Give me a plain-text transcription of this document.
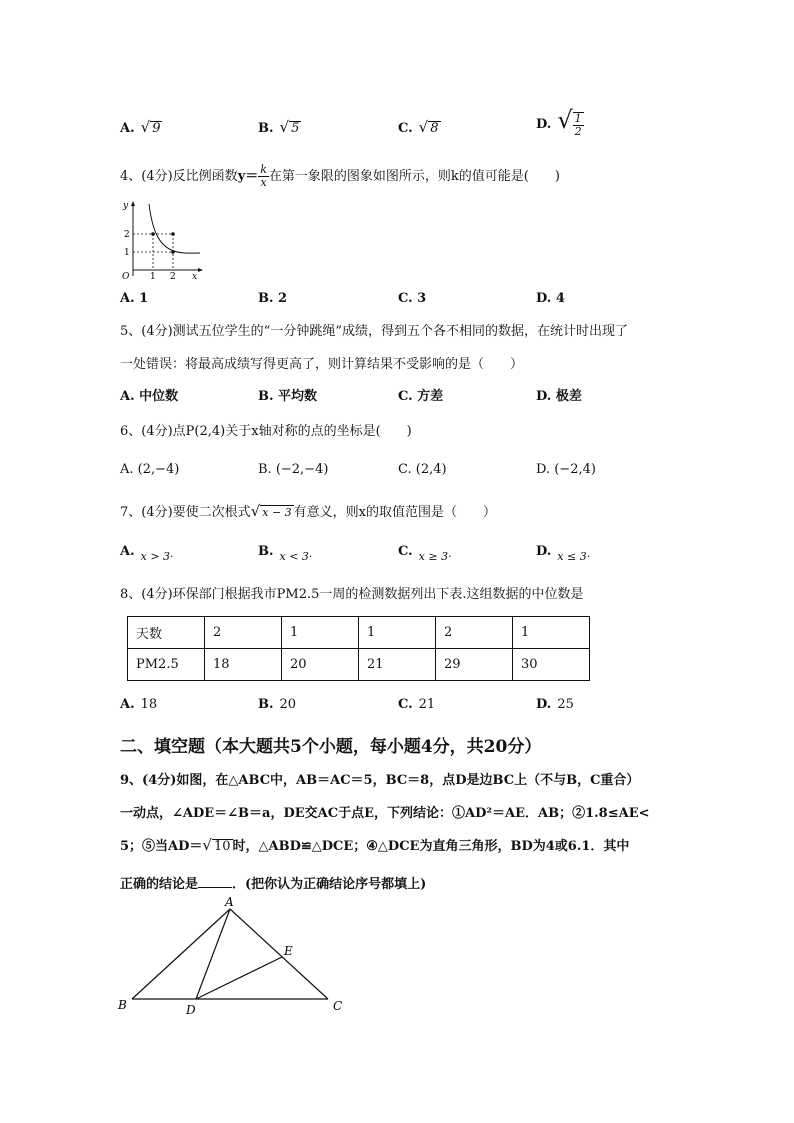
A. √ 9	B. √ 5	C. √ 8	D. √ $\frac{1}{2}$
4、(4分)反比例函数$y= \frac{k}{x}$ 在第一象限的图象如图所示，则k的值可能是(　　)
y
2
1
O 1 2 x
A. 1	B. 2	C. 3	D. 4
5、(4分)测试五位学生的“一分钟跳绳”成绩，得到五个各不相同的数据，在统计时出现了
一处错误：将最高成绩写得更高了，则计算结果不受影响的是（　　）
A. 中位数	B. 平均数	C. 方差	D. 极差
6、(4分)点P(2,4)关于x轴对称的点的坐标是(　　)
A. (2,−4)	B. (−2,−4)	C. (2,4)	D. (−2,4)
7、(4分)要使二次根式√ x − 3 有意义，则x的取值范围是（　　）
A. $_{x > 3\cdot}$	B. $_{x < 3\cdot}$	C. $_{x \ge 3\cdot}$	D. $_{x \le 3\cdot}$
8、(4分)环保部门根据我市PM2.5一周的检测数据列出下表.这组数据的中位数是
天数	2	1	1	2	1
PM2.5	18	20	21	29	30
A. 18	B. 20	C. 21	D. 25
二、填空题（本大题共5个小题，每小题4分，共20分）
9、(4分)如图，在△ABC中，AB＝AC＝5，BC＝8，点D是边BC上（不与B，C重合）
一动点，∠ADE＝∠B＝a，DE交AC于点E，下列结论：①AD²＝AE．AB；②1.8≤AE<
5；⑤当AD＝√ 10 时，△ABD≌△DCE；④△DCE为直角三角形，BD为4或6.1．其中
正确的结论是	．(把你认为正确结论序号都填上)
A
B	C
D
E
